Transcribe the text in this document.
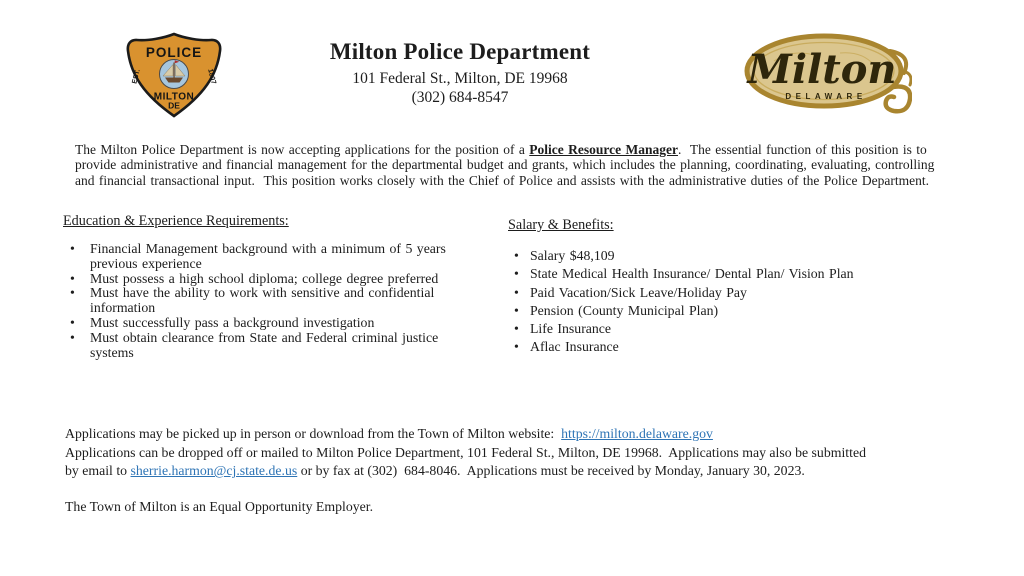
POLICE
EST.	1807
MILTON
DE
Milton Police Department
101 Federal St., Milton, DE 19968
(302) 684-8547
Milton
DELAWARE

The Milton Police Department is now accepting applications for the position of a Police Resource Manager.  The essential function of this position is to provide administrative and financial management for the departmental budget and grants, which includes the planning, coordinating, evaluating, controlling and financial transactional input.  This position works closely with the Chief of Police and assists with the administrative duties of the Police Department.

Education & Experience Requirements:
• Financial Management background with a minimum of 5 years previous experience
• Must possess a high school diploma; college degree preferred
• Must have the ability to work with sensitive and confidential information
• Must successfully pass a background investigation
• Must obtain clearance from State and Federal criminal justice systems
Salary & Benefits:
• Salary $48,109
• State Medical Health Insurance/ Dental Plan/ Vision Plan
• Paid Vacation/Sick Leave/Holiday Pay
• Pension (County Municipal Plan)
• Life Insurance
• Aflac Insurance

Applications may be picked up in person or download from the Town of Milton website:  https://milton.delaware.gov
Applications can be dropped off or mailed to Milton Police Department, 101 Federal St., Milton, DE 19968.  Applications may also be submitted
by email to sherrie.harmon@cj.state.de.us or by fax at (302)  684-8046.  Applications must be received by Monday, January 30, 2023.

The Town of Milton is an Equal Opportunity Employer.
